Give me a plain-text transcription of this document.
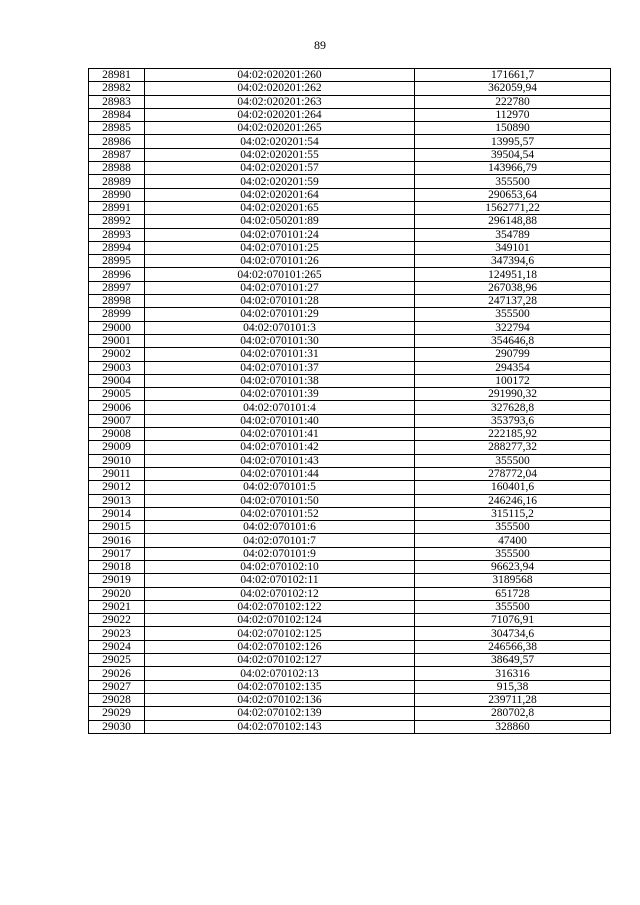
89
28981	04:02:020201:260	171661,7
28982	04:02:020201:262	362059,94
28983	04:02:020201:263	222780
28984	04:02:020201:264	112970
28985	04:02:020201:265	150890
28986	04:02:020201:54	13995,57
28987	04:02:020201:55	39504,54
28988	04:02:020201:57	143966,79
28989	04:02:020201:59	355500
28990	04:02:020201:64	290653,64
28991	04:02:020201:65	1562771,22
28992	04:02:050201:89	296148,88
28993	04:02:070101:24	354789
28994	04:02:070101:25	349101
28995	04:02:070101:26	347394,6
28996	04:02:070101:265	124951,18
28997	04:02:070101:27	267038,96
28998	04:02:070101:28	247137,28
28999	04:02:070101:29	355500
29000	04:02:070101:3	322794
29001	04:02:070101:30	354646,8
29002	04:02:070101:31	290799
29003	04:02:070101:37	294354
29004	04:02:070101:38	100172
29005	04:02:070101:39	291990,32
29006	04:02:070101:4	327628,8
29007	04:02:070101:40	353793,6
29008	04:02:070101:41	222185,92
29009	04:02:070101:42	288277,32
29010	04:02:070101:43	355500
29011	04:02:070101:44	278772,04
29012	04:02:070101:5	160401,6
29013	04:02:070101:50	246246,16
29014	04:02:070101:52	315115,2
29015	04:02:070101:6	355500
29016	04:02:070101:7	47400
29017	04:02:070101:9	355500
29018	04:02:070102:10	96623,94
29019	04:02:070102:11	3189568
29020	04:02:070102:12	651728
29021	04:02:070102:122	355500
29022	04:02:070102:124	71076,91
29023	04:02:070102:125	304734,6
29024	04:02:070102:126	246566,38
29025	04:02:070102:127	38649,57
29026	04:02:070102:13	316316
29027	04:02:070102:135	915,38
29028	04:02:070102:136	239711,28
29029	04:02:070102:139	280702,8
29030	04:02:070102:143	328860
